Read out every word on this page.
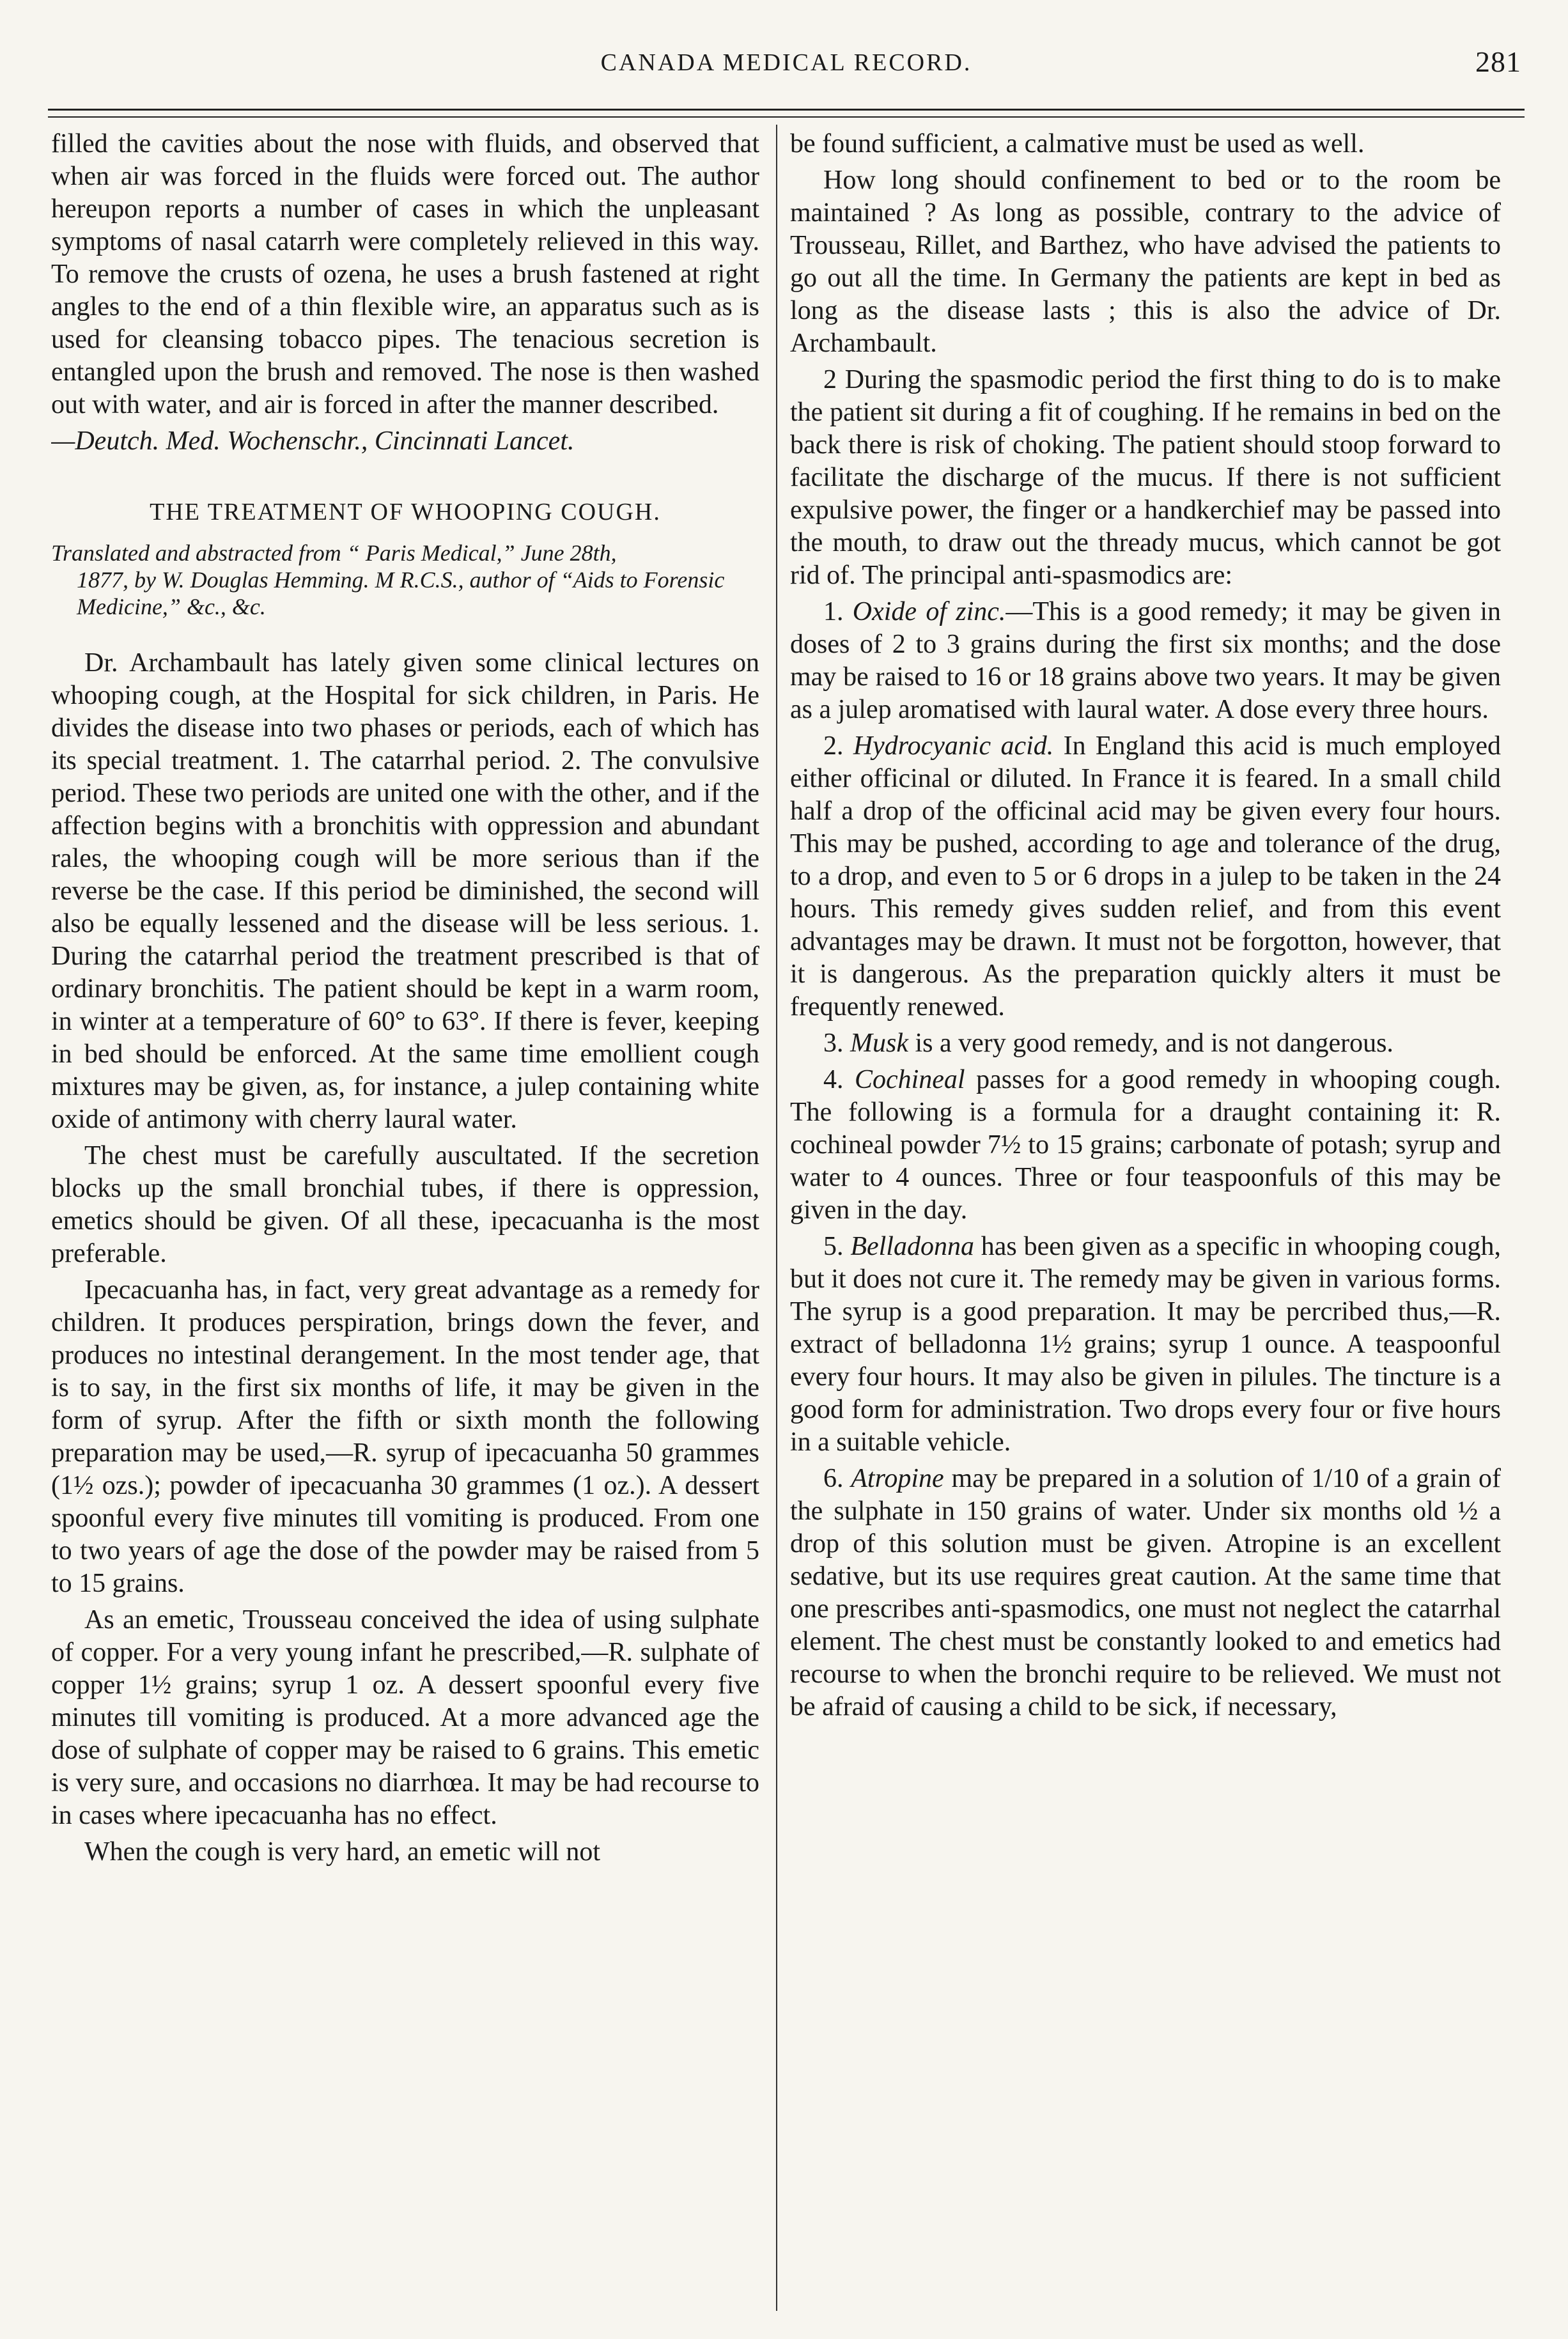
CANADA MEDICAL RECORD.	281

filled the cavities about the nose with fluids, and observed that when air was forced in the fluids were forced out. The author hereupon reports a number of cases in which the unpleasant symptoms of nasal catarrh were completely relieved in this way. To remove the crusts of ozena, he uses a brush fastened at right angles to the end of a thin flexible wire, an apparatus such as is used for cleansing tobacco pipes. The tenacious secretion is entangled upon the brush and removed. The nose is then washed out with water, and air is forced in after the manner described.

—Deutch. Med. Wochenschr., Cincinnati Lancet.

THE TREATMENT OF WHOOPING COUGH.
Translated and abstracted from “ Paris Medical,” June 28th,
1877, by W. Douglas Hemming. M R.C.S., author of “Aids to Forensic Medicine,” &c., &c.

Dr. Archambault has lately given some clinical lectures on whooping cough, at the Hospital for sick children, in Paris. He divides the disease into two phases or periods, each of which has its special treatment. 1. The catarrhal period. 2. The convulsive period. These two periods are united one with the other, and if the affection begins with a bronchitis with oppression and abundant rales, the whooping cough will be more serious than if the reverse be the case. If this period be diminished, the second will also be equally lessened and the disease will be less serious. 1. During the catarrhal period the treatment prescribed is that of ordinary bronchitis. The patient should be kept in a warm room, in winter at a temperature of 60° to 63°. If there is fever, keeping in bed should be enforced. At the same time emollient cough mixtures may be given, as, for instance, a julep containing white oxide of antimony with cherry laural water.

The chest must be carefully auscultated. If the secretion blocks up the small bronchial tubes, if there is oppression, emetics should be given. Of all these, ipecacuanha is the most preferable.

Ipecacuanha has, in fact, very great advantage as a remedy for children. It produces perspiration, brings down the fever, and produces no intestinal derangement. In the most tender age, that is to say, in the first six months of life, it may be given in the form of syrup. After the fifth or sixth month the following preparation may be used,—R. syrup of ipecacuanha 50 grammes (1½ ozs.); powder of ipecacuanha 30 grammes (1 oz.). A dessert spoonful every five minutes till vomiting is produced. From one to two years of age the dose of the powder may be raised from 5 to 15 grains.

As an emetic, Trousseau conceived the idea of using sulphate of copper. For a very young infant he prescribed,—R. sulphate of copper 1½ grains; syrup 1 oz. A dessert spoonful every five minutes till vomiting is produced. At a more advanced age the dose of sulphate of copper may be raised to 6 grains. This emetic is very sure, and occasions no diarrhœa. It may be had recourse to in cases where ipecacuanha has no effect.

When the cough is very hard, an emetic will not

be found sufficient, a calmative must be used as well.

How long should confinement to bed or to the room be maintained ? As long as possible, contrary to the advice of Trousseau, Rillet, and Barthez, who have advised the patients to go out all the time. In Germany the patients are kept in bed as long as the disease lasts ; this is also the advice of Dr. Archambault.

2 During the spasmodic period the first thing to do is to make the patient sit during a fit of coughing. If he remains in bed on the back there is risk of choking. The patient should stoop forward to facilitate the discharge of the mucus. If there is not sufficient expulsive power, the finger or a handkerchief may be passed into the mouth, to draw out the thready mucus, which cannot be got rid of. The principal anti-spasmodics are:

1. Oxide of zinc.—This is a good remedy; it may be given in doses of 2 to 3 grains during the first six months; and the dose may be raised to 16 or 18 grains above two years. It may be given as a julep aromatised with laural water. A dose every three hours.

2. Hydrocyanic acid. In England this acid is much employed either officinal or diluted. In France it is feared. In a small child half a drop of the officinal acid may be given every four hours. This may be pushed, according to age and tolerance of the drug, to a drop, and even to 5 or 6 drops in a julep to be taken in the 24 hours. This remedy gives sudden relief, and from this event advantages may be drawn. It must not be forgotton, however, that it is dangerous. As the preparation quickly alters it must be frequently renewed.

3. Musk is a very good remedy, and is not dangerous.

4. Cochineal passes for a good remedy in whooping cough. The following is a formula for a draught containing it: R. cochineal powder 7½ to 15 grains; carbonate of potash; syrup and water to 4 ounces. Three or four teaspoonfuls of this may be given in the day.

5. Belladonna has been given as a specific in whooping cough, but it does not cure it. The remedy may be given in various forms. The syrup is a good preparation. It may be percribed thus,—R. extract of belladonna 1½ grains; syrup 1 ounce. A teaspoonful every four hours. It may also be given in pilules. The tincture is a good form for administration. Two drops every four or five hours in a suitable vehicle.

6. Atropine may be prepared in a solution of 1/10 of a grain of the sulphate in 150 grains of water. Under six months old ½ a drop of this solution must be given. Atropine is an excellent sedative, but its use requires great caution. At the same time that one prescribes anti-spasmodics, one must not neglect the catarrhal element. The chest must be constantly looked to and emetics had recourse to when the bronchi require to be relieved. We must not be afraid of causing a child to be sick, if necessary,
